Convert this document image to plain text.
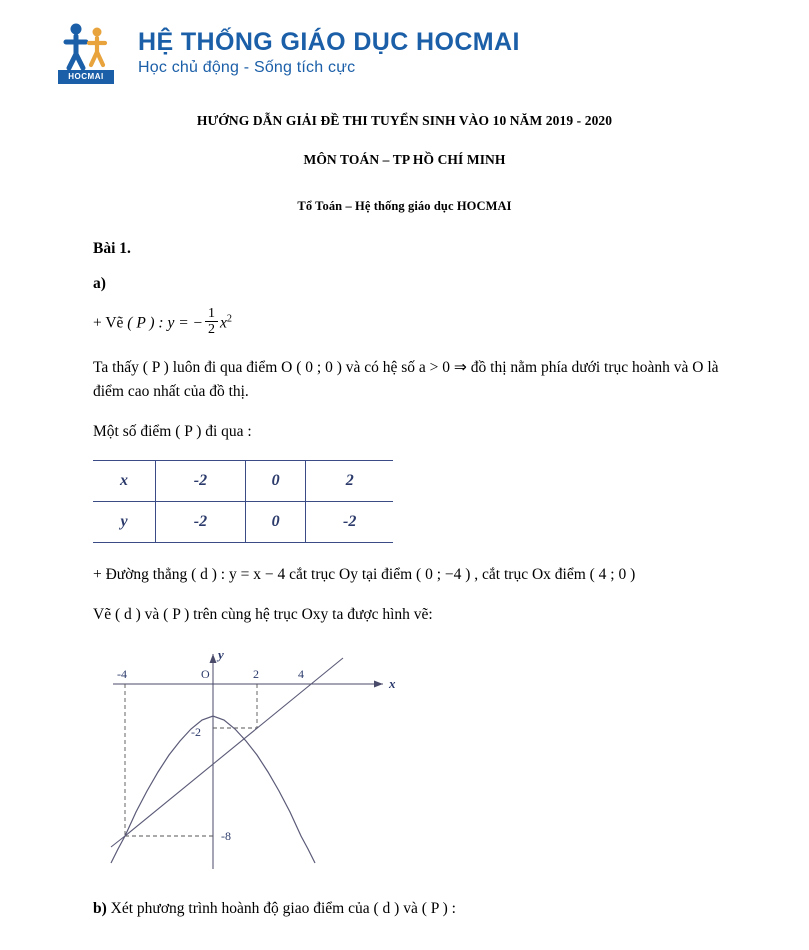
HOCMAI
HỆ THỐNG GIÁO DỤC HOCMAI
Học chủ động - Sống tích cực
HƯỚNG DẪN GIẢI ĐỀ THI TUYỂN SINH VÀO 10 NĂM 2019 - 2020
MÔN TOÁN – TP HỒ CHÍ MINH
Tổ Toán – Hệ thống giáo dục HOCMAI

Bài 1.

a)

+ Vẽ ( P ) : y = − $\frac{1}{2} x^2$

Ta thấy ( P ) luôn đi qua điểm O ( 0 ; 0 ) và có hệ số a > 0 ⇒ đồ thị nằm phía dưới trục hoành và O là điểm cao nhất của đồ thị.

Một số điểm ( P ) đi qua :

x	-2	0	2
y	-2	0	-2

+ Đường thẳng ( d ) : y = x − 4 cắt trục Oy tại điểm ( 0 ; −4 ) , cắt trục Ox điểm ( 4 ; 0 )

Vẽ ( d ) và ( P ) trên cùng hệ trục Oxy ta được hình vẽ:

x
y
-4	O	2	4
-2
-8

b) Xét phương trình hoành độ giao điểm của ( d ) và ( P ) :
